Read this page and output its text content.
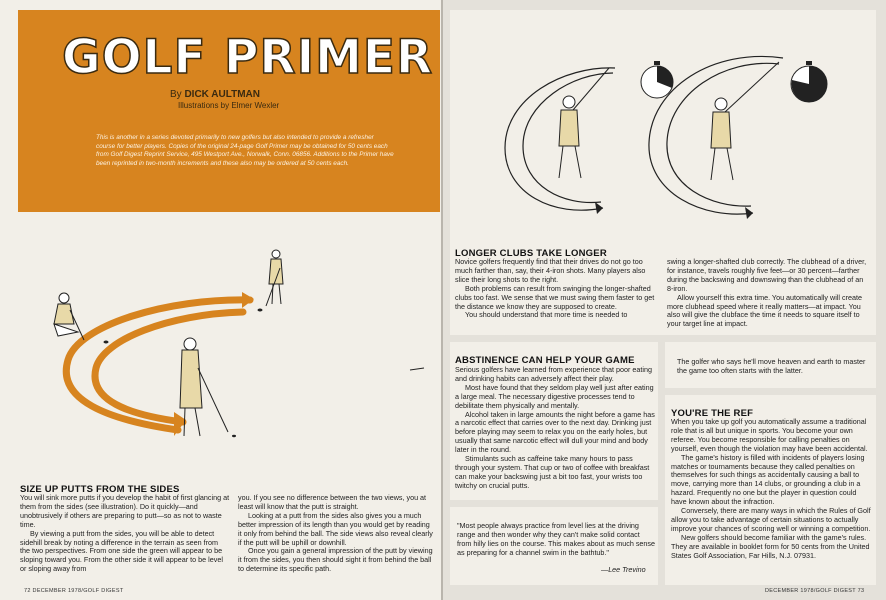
GOLF PRIMER
By DICK AULTMAN
Illustrations by Elmer Wexler
This is another in a series devoted primarily to new golfers but also intended to provide a refresher course for better players. Copies of the original 24-page Golf Primer may be obtained for 50 cents each from Golf Digest Reprint Service, 495 Westport Ave., Norwalk, Conn. 06856. Additions to the Primer have been reprinted in two-month increments and these also may be ordered at 50 cents each.
SIZE UP PUTTS FROM THE SIDES

You will sink more putts if you develop the habit of first glancing at them from the sides (see illustration). Do it quickly—and unobtrusively if others are preparing to putt—so as not to waste time.

By viewing a putt from the sides, you will be able to detect sidehill break by noting a difference in the terrain as seen from the two perspectives. From one side the green will appear to be sloping toward you. From the other side it will appear to be level or sloping away from

you. If you see no difference between the two views, you at least will know that the putt is straight.

Looking at a putt from the sides also gives you a much better impression of its length than you would get by reading it only from behind the ball. The side views also reveal clearly if the putt will be uphill or downhill.

Once you gain a general impression of the putt by viewing it from the sides, you then should sight it from behind the ball to determine its specific path.

72 DECEMBER 1978/GOLF DIGEST
LONGER CLUBS TAKE LONGER

Novice golfers frequently find that their drives do not go too much farther than, say, their 4-iron shots. Many players also slice their long shots to the right.

Both problems can result from swinging the longer-shafted clubs too fast. We sense that we must swing them faster to get the distance we know they are supposed to create.

You should understand that more time is needed to

swing a longer-shafted club correctly. The clubhead of a driver, for instance, travels roughly five feet—or 30 percent—farther during the backswing and downswing than the clubhead of an 8-iron.

Allow yourself this extra time. You automatically will create more clubhead speed where it really matters—at impact. You also will give the clubface the time it needs to square itself to your target line at impact.

ABSTINENCE CAN HELP YOUR GAME

Serious golfers have learned from experience that poor eating and drinking habits can adversely affect their play.

Most have found that they seldom play well just after eating a large meal. The necessary digestive processes tend to debilitate them physically and mentally.

Alcohol taken in large amounts the night before a game has a narcotic effect that carries over to the next day. Drinking just before playing may seem to relax you on the early holes, but usually that same narcotic effect will dull your mind and body later in the round.

Stimulants such as caffeine take many hours to pass through your system. That cup or two of coffee with breakfast can make your backswing just a bit too fast, your wrists too twitchy on crucial putts.

The golfer who says he'll move heaven and earth to master the game too often starts with the latter.
YOU'RE THE REF

When you take up golf you automatically assume a traditional role that is all but unique in sports. You become your own referee. You become responsible for calling penalties on yourself, even though the violation may have been accidental.

The game's history is filled with incidents of players losing matches or tournaments because they called penalties on themselves for such things as accidentally causing a ball to move, carrying more than 14 clubs, or grounding a club in a hazard. Frequently no one but the player in question could have known about the infraction.

Conversely, there are many ways in which the Rules of Golf allow you to take advantage of certain situations to actually improve your chances of scoring well or winning a competition.

New golfers should become familiar with the game's rules. They are available in booklet form for 50 cents from the United States Golf Association, Far Hills, N.J. 07931.

"Most people always practice from level lies at the driving range and then wonder why they can't make solid contact from hilly lies on the course. This makes about as much sense as preparing for a channel swim in the bathtub."
—Lee Trevino
DECEMBER 1978/GOLF DIGEST 73
